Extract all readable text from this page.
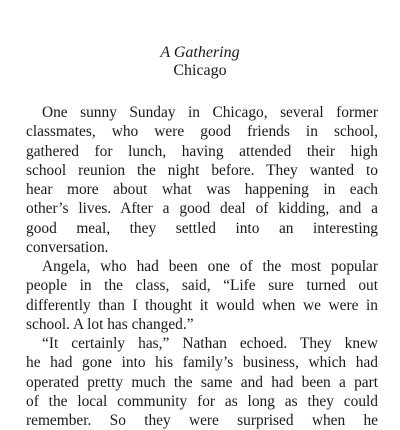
A Gathering
Chicago
One sunny Sunday in Chicago, several former
classmates, who were good friends in school,
gathered for lunch, having attended their high
school reunion the night before. They wanted to
hear more about what was happening in each
other’s lives. After a good deal of kidding, and a
good meal, they settled into an interesting
conversation.
Angela, who had been one of the most popular
people in the class, said, “Life sure turned out
differently than I thought it would when we were in
school. A lot has changed.”
“It certainly has,” Nathan echoed. They knew
he had gone into his family’s business, which had
operated pretty much the same and had been a part
of the local community for as long as they could
remember. So they were surprised when he
